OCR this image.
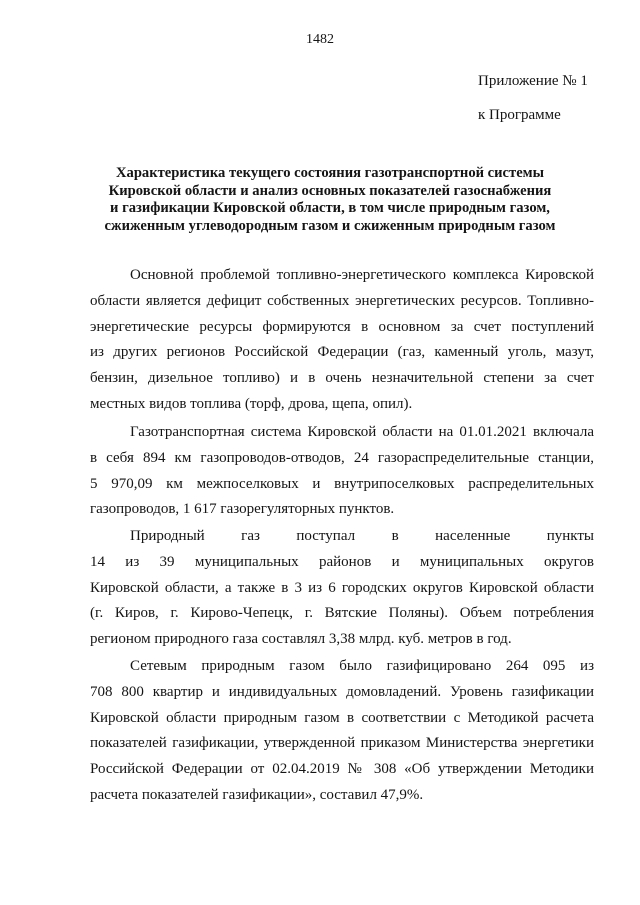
1482
Приложение № 1
к Программе
Характеристика текущего состояния газотранспортной системы
Кировской области и анализ основных показателей газоснабжения
и газификации Кировской области, в том числе природным газом,
сжиженным углеводородным газом и сжиженным природным газом
Основной проблемой топливно-энергетического комплекса Кировской
области является дефицит собственных энергетических ресурсов. Топливно-
энергетические ресурсы формируются в основном за счет поступлений
из других регионов Российской Федерации (газ, каменный уголь, мазут,
бензин, дизельное топливо) и в очень незначительной степени за счет
местных видов топлива (торф, дрова, щепа, опил).
Газотранспортная система Кировской области на 01.01.2021 включала
в себя 894 км газопроводов-отводов, 24 газораспределительные станции,
5 970,09 км межпоселковых и внутрипоселковых распределительных
газопроводов, 1 617 газорегуляторных пунктов.
Природный газ поступал в населенные пункты
14 из 39 муниципальных районов и муниципальных округов
Кировской области, а также в 3 из 6 городских округов Кировской области
(г. Киров, г. Кирово-Чепецк, г. Вятские Поляны). Объем потребления
регионом природного газа составлял 3,38 млрд. куб. метров в год.
Сетевым природным газом было газифицировано 264 095 из
708 800 квартир и индивидуальных домовладений. Уровень газификации
Кировской области природным газом в соответствии с Методикой расчета
показателей газификации, утвержденной приказом Министерства энергетики
Российской Федерации от 02.04.2019 № 308 «Об утверждении Методики
расчета показателей газификации», составил 47,9%.
